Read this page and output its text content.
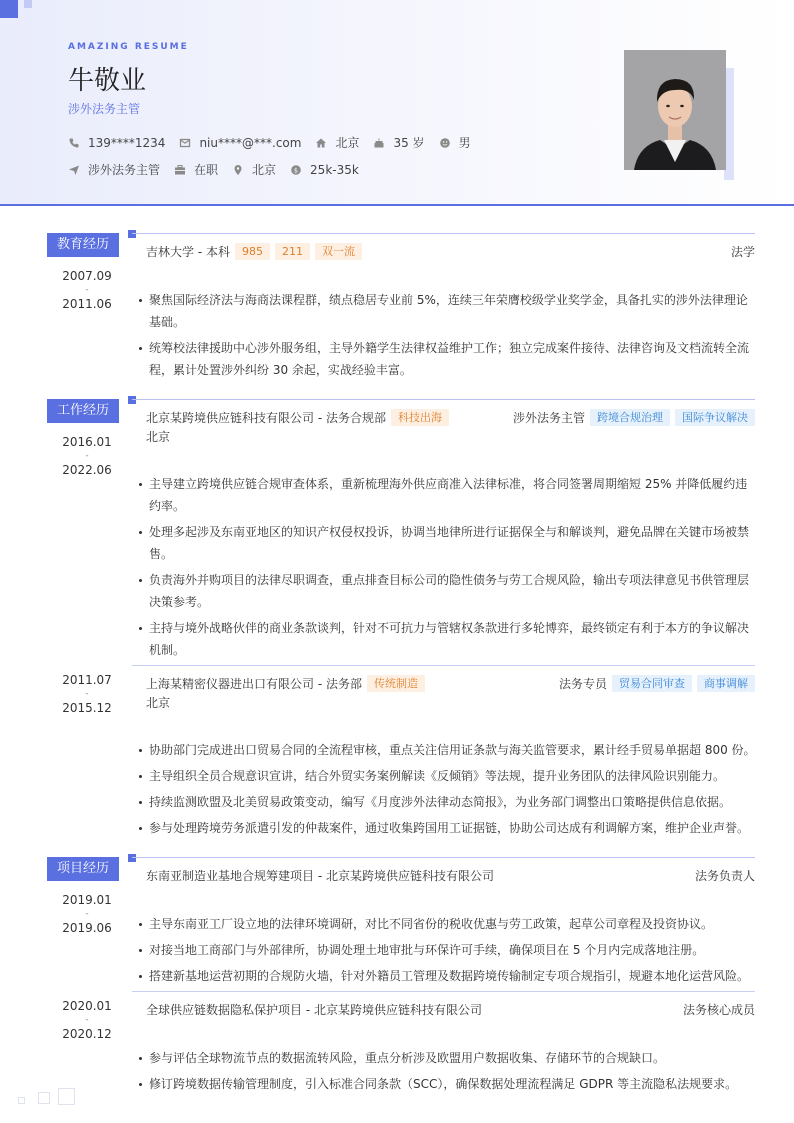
AMAZING RESUME
牛敬业
涉外法务主管
139****1234	niu****@***.com	北京	35 岁	男
涉外法务主管	在职	北京	$ 25k-35k
教育经历
2007.09
-
2011.06
吉林大学 - 本科	985	211	双一流	法学
聚焦国际经济法与海商法课程群，绩点稳居专业前 5%，连续三年荣膺校级学业奖学金，具备扎实的涉外法律理论基础。
统筹校法律援助中心涉外服务组，主导外籍学生法律权益维护工作；独立完成案件接待、法律咨询及文档流转全流程，累计处置涉外纠纷 30 余起，实战经验丰富。
工作经历
2016.01
-
2022.06
北京某跨境供应链科技有限公司 - 法务合规部	科技出海	涉外法务主管	跨境合规治理	国际争议解决
北京
主导建立跨境供应链合规审查体系，重新梳理海外供应商准入法律标准，将合同签署周期缩短 25% 并降低履约违约率。
处理多起涉及东南亚地区的知识产权侵权投诉，协调当地律所进行证据保全与和解谈判，避免品牌在关键市场被禁售。
负责海外并购项目的法律尽职调查，重点排查目标公司的隐性债务与劳工合规风险，输出专项法律意见书供管理层决策参考。
主持与境外战略伙伴的商业条款谈判，针对不可抗力与管辖权条款进行多轮博弈，最终锁定有利于本方的争议解决机制。
2011.07
-
2015.12
上海某精密仪器进出口有限公司 - 法务部	传统制造	法务专员	贸易合同审查	商事调解
北京
协助部门完成进出口贸易合同的全流程审核，重点关注信用证条款与海关监管要求，累计经手贸易单据超 800 份。
主导组织全员合规意识宣讲，结合外贸实务案例解读《反倾销》等法规，提升业务团队的法律风险识别能力。
持续监测欧盟及北美贸易政策变动，编写《月度涉外法律动态简报》，为业务部门调整出口策略提供信息依据。
参与处理跨境劳务派遣引发的仲裁案件，通过收集跨国用工证据链，协助公司达成有利调解方案，维护企业声誉。
项目经历
2019.01
-
2019.06
东南亚制造业基地合规筹建项目 - 北京某跨境供应链科技有限公司	法务负责人
主导东南亚工厂设立地的法律环境调研，对比不同省份的税收优惠与劳工政策，起草公司章程及投资协议。
对接当地工商部门与外部律所，协调处理土地审批与环保许可手续，确保项目在 5 个月内完成落地注册。
搭建新基地运营初期的合规防火墙，针对外籍员工管理及数据跨境传输制定专项合规指引，规避本地化运营风险。
2020.01
-
2020.12
全球供应链数据隐私保护项目 - 北京某跨境供应链科技有限公司	法务核心成员
参与评估全球物流节点的数据流转风险，重点分析涉及欧盟用户数据收集、存储环节的合规缺口。
修订跨境数据传输管理制度，引入标准合同条款（SCC），确保数据处理流程满足 GDPR 等主流隐私法规要求。
